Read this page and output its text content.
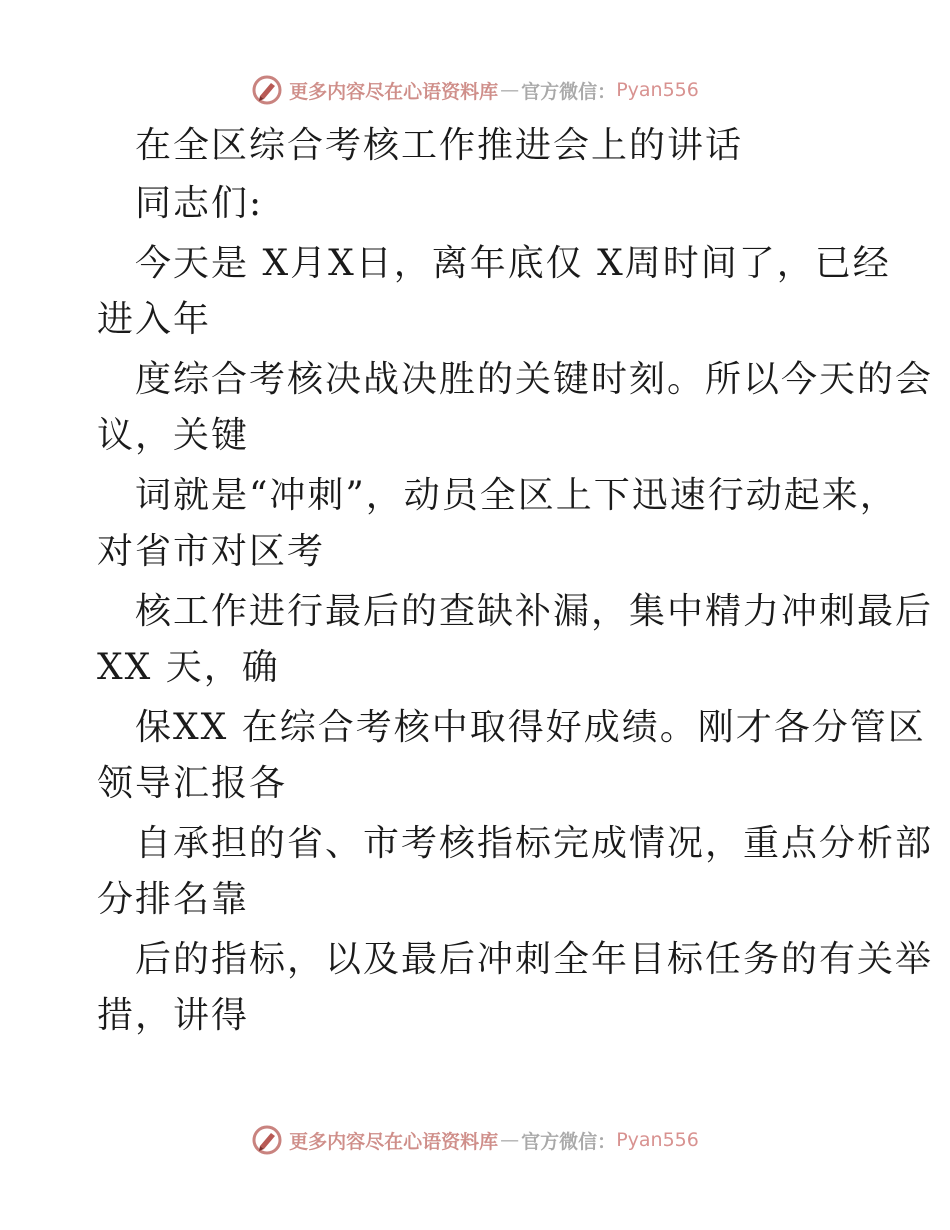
更多内容尽在心语资料库 — 官方微信： Pyan556
在全区综合考核工作推进会上的讲话
同志们:
今天是 X月X日，离年底仅 X周时间了，已经
进入年
度综合考核决战决胜的关键时刻。所以今天的会
议，关键
词就是“冲刺”，动员全区上下迅速行动起来，
对省市对区考
核工作进行最后的查缺补漏，集中精力冲刺最后
XX 天，确
保XX 在综合考核中取得好成绩。刚才各分管区
领导汇报各
自承担的省、市考核指标完成情况，重点分析部
分排名靠
后的指标，以及最后冲刺全年目标任务的有关举
措，讲得
更多内容尽在心语资料库 — 官方微信： Pyan556
